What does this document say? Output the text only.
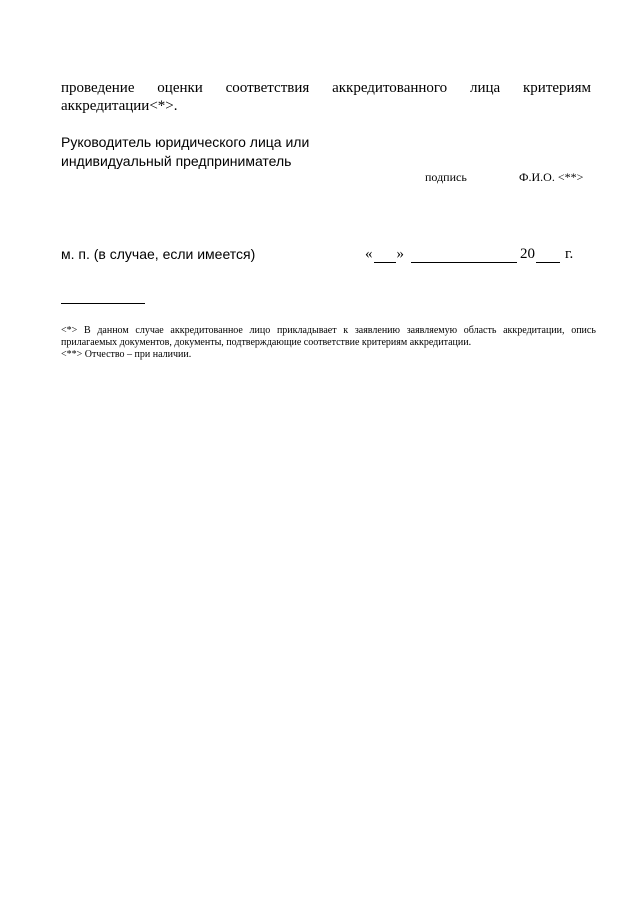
проведение оценки соответствия аккредитованного лица критериям
аккредитации<*>.
Руководитель юридического лица или
индивидуальный предприниматель
подпись	Ф.И.О. <**>
м. п. (в случае, если имеется)	« »	20 г.
<*> В данном случае аккредитованное лицо прикладывает к заявлению заявляемую область аккредитации, опись
прилагаемых документов, документы, подтверждающие соответствие критериям аккредитации.
<**> Отчество – при наличии.
